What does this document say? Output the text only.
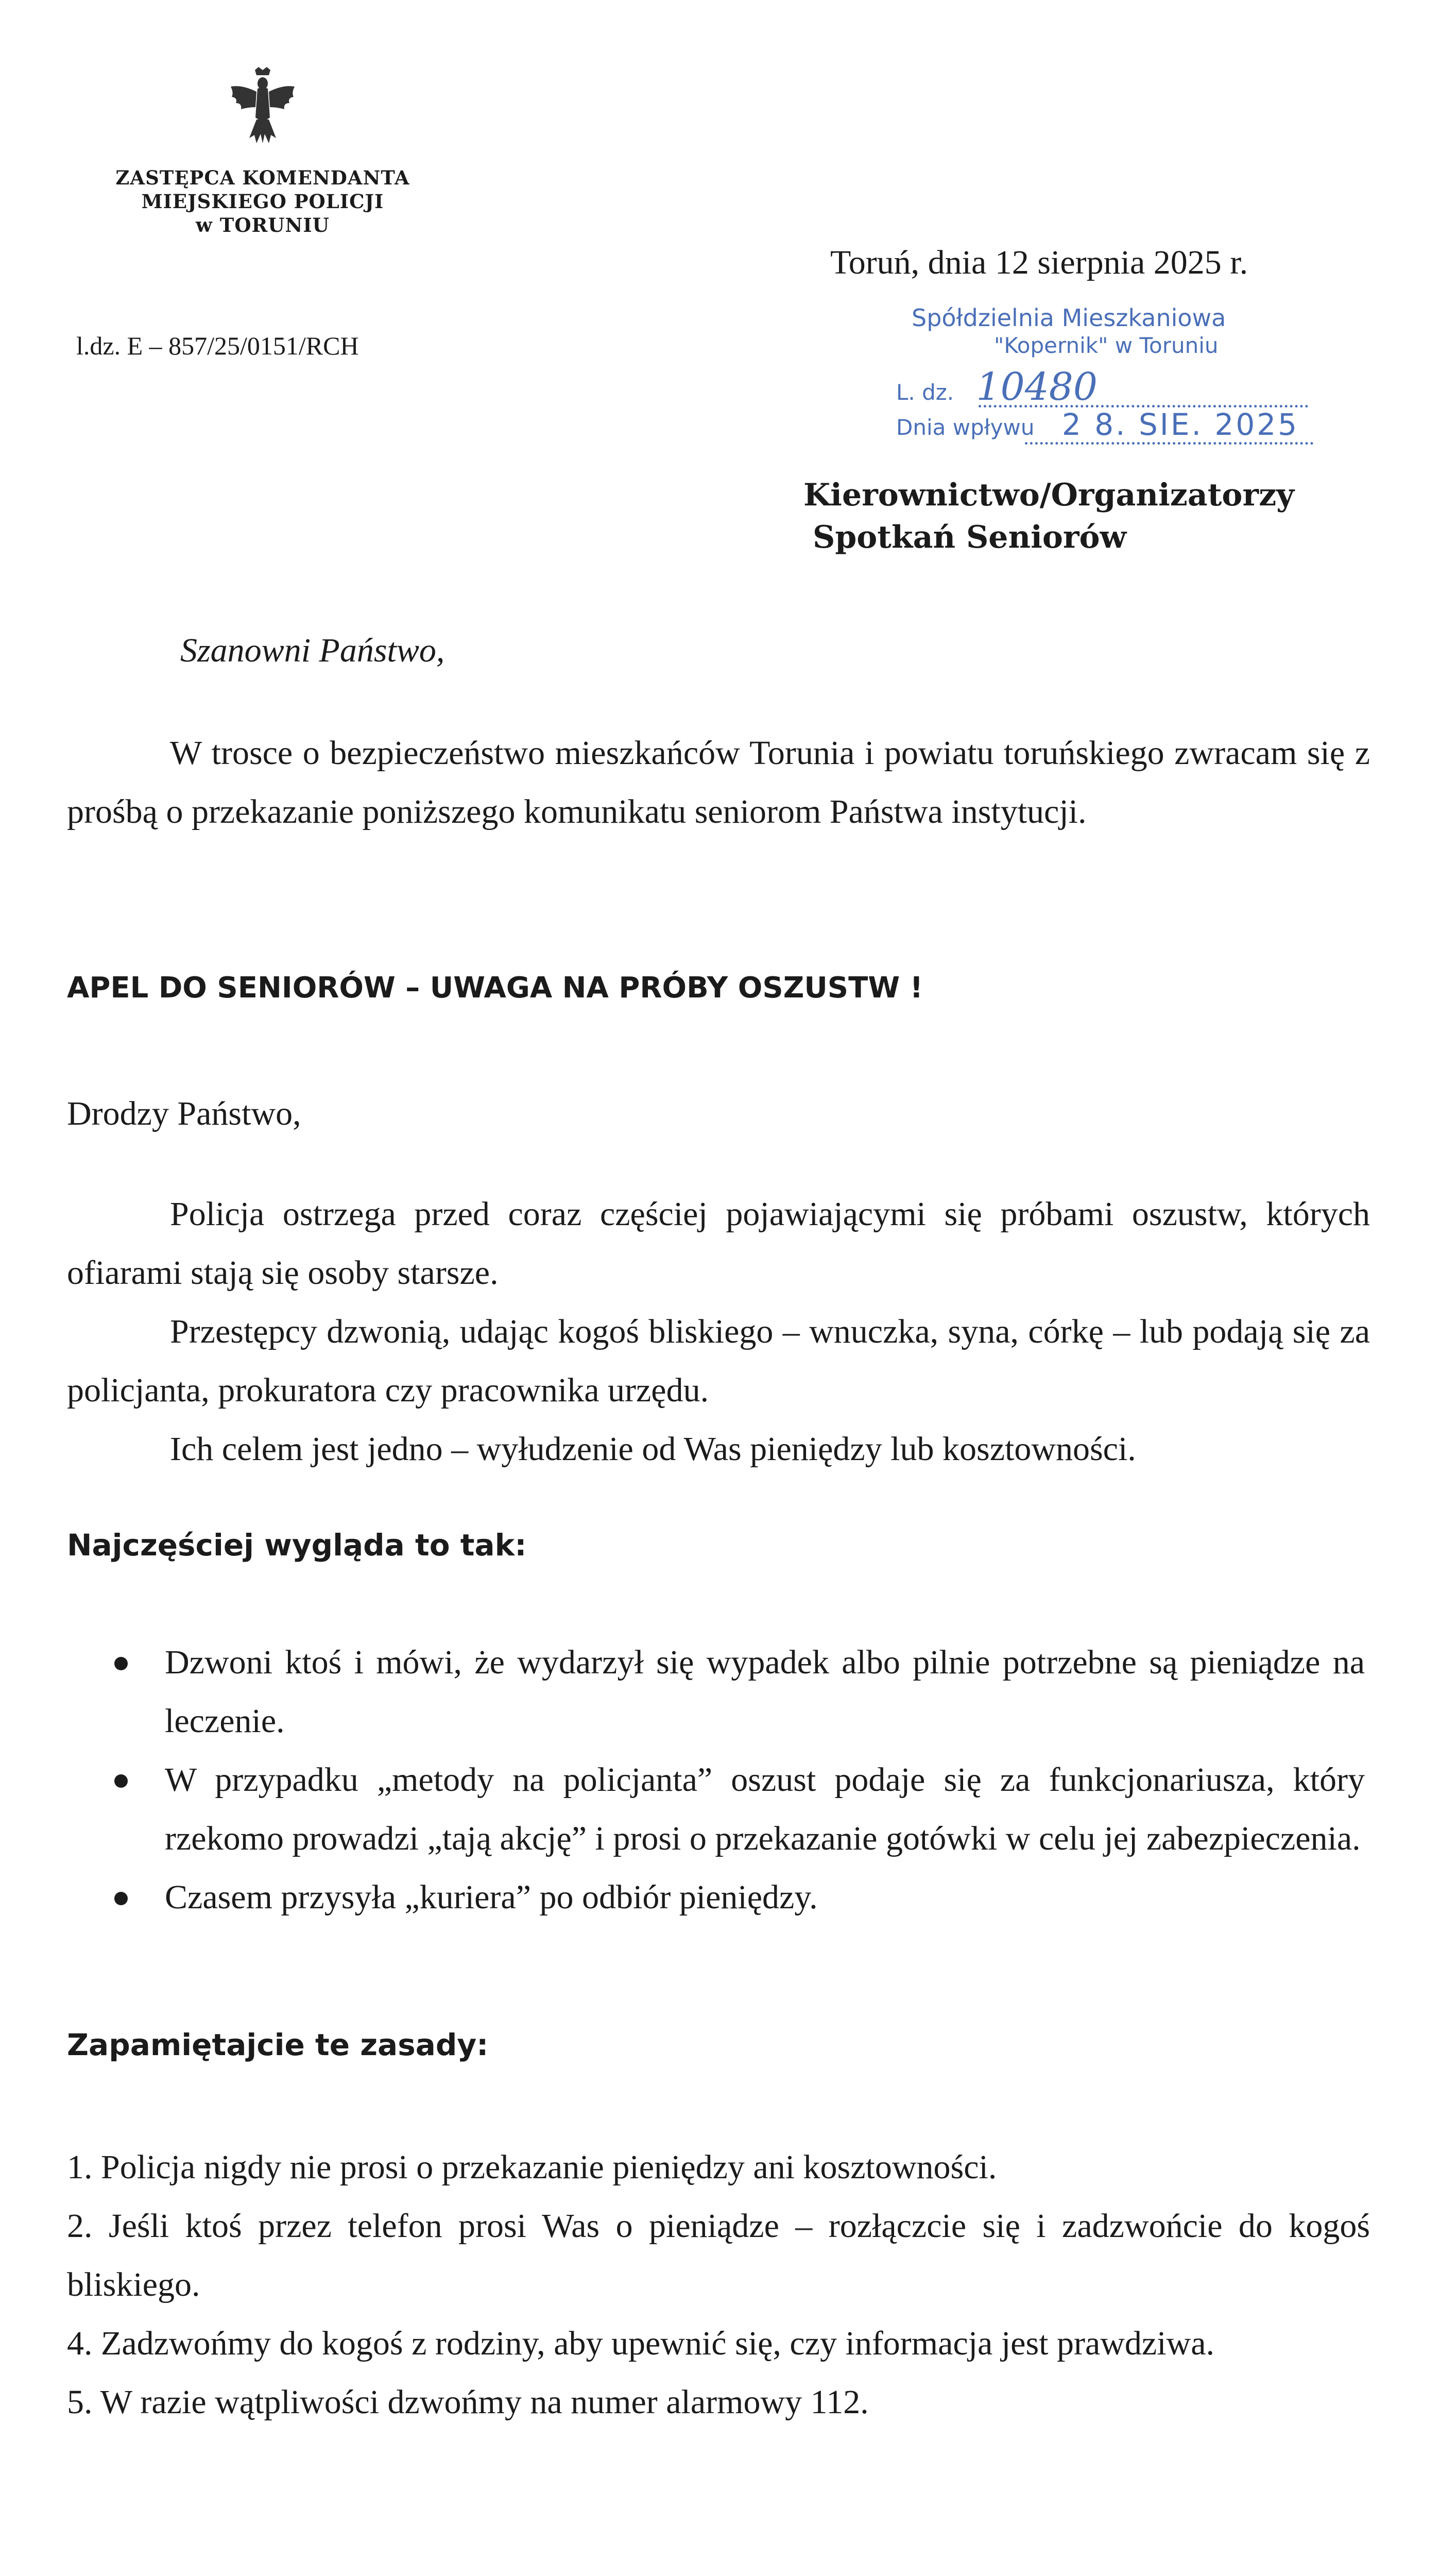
ZASTĘPCA KOMENDANTA
MIEJSKIEGO POLICJI
w TORUNIU
l.dz. E – 857/25/0151/RCH
Toruń, dnia 12 sierpnia 2025 r.
Spółdzielnia Mieszkaniowa
"Kopernik" w Toruniu
L. dz. 10480
Dnia wpływu 2 8. SIE. 2025
Kierownictwo/Organizatorzy
Spotkań Seniorów
Szanowni Państwo,

W trosce o bezpieczeństwo mieszkańców Torunia i powiatu toruńskiego zwracam się z prośbą o przekazanie poniższego komunikatu seniorom Państwa instytucji.

APEL DO SENIORÓW – UWAGA NA PRÓBY OSZUSTW !
Drodzy Państwo,

Policja ostrzega przed coraz częściej pojawiającymi się próbami oszustw, których ofiarami stają się osoby starsze.

Przestępcy dzwonią, udając kogoś bliskiego – wnuczka, syna, córkę – lub podają się za policjanta, prokuratora czy pracownika urzędu.

Ich celem jest jedno – wyłudzenie od Was pieniędzy lub kosztowności.

Najczęściej wygląda to tak:
Dzwoni ktoś i mówi, że wydarzył się wypadek albo pilnie potrzebne są pieniądze na leczenie.
W przypadku „metody na policjanta” oszust podaje się za funkcjonariusza, który rzekomo prowadzi „tają akcję” i prosi o przekazanie gotówki w celu jej zabezpieczenia.
Czasem przysyła „kuriera” po odbiór pieniędzy.
Zapamiętajcie te zasady:
1. Policja nigdy nie prosi o przekazanie pieniędzy ani kosztowności.
2. Jeśli ktoś przez telefon prosi Was o pieniądze – rozłączcie się i zadzwońcie do kogoś bliskiego.
4. Zadzwońmy do kogoś z rodziny, aby upewnić się, czy informacja jest prawdziwa.
5. W razie wątpliwości dzwońmy na numer alarmowy 112.
